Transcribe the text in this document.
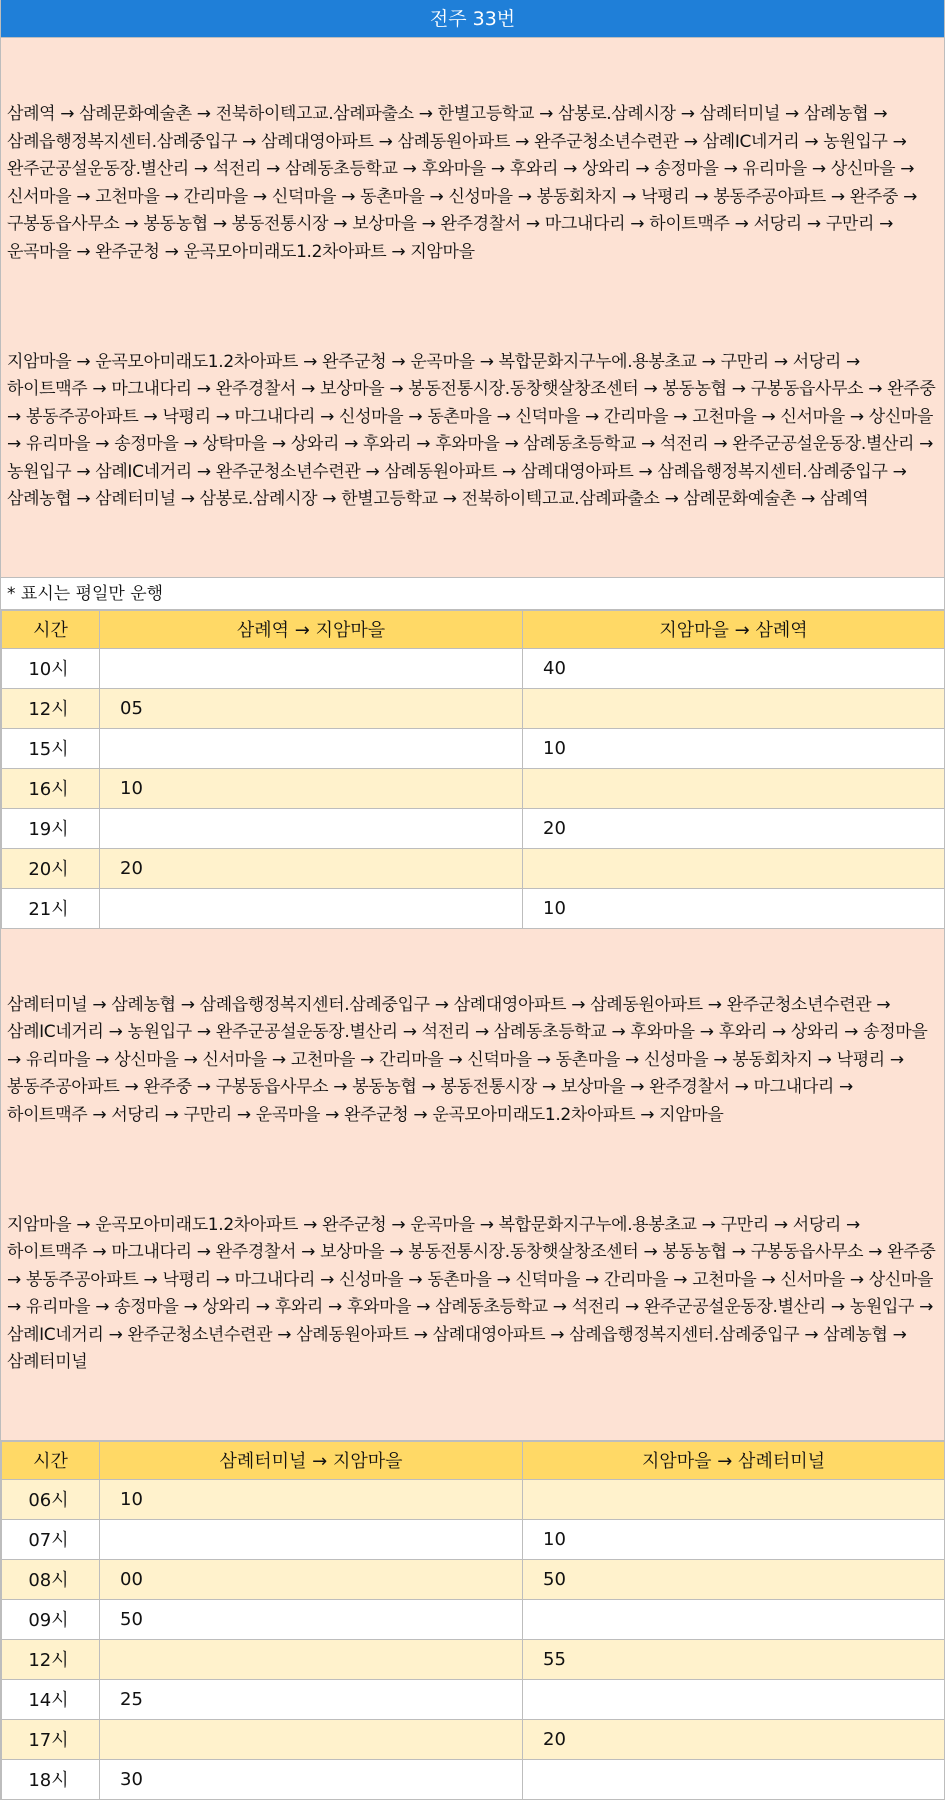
전주 33번

삼례역 → 삼례문화예술촌 → 전북하이텍고교.삼례파출소 → 한별고등학교 → 삼봉로.삼례시장 → 삼례터미널 → 삼례농협 → 삼례읍행정복지센터.삼례중입구 → 삼례대영아파트 → 삼례동원아파트 → 완주군청소년수련관 → 삼례IC네거리 → 농원입구 → 완주군공설운동장.별산리 → 석전리 → 삼례동초등학교 → 후와마을 → 후와리 → 상와리 → 송정마을 → 유리마을 → 상신마을 → 신서마을 → 고천마을 → 간리마을 → 신덕마을 → 동촌마을 → 신성마을 → 봉동회차지 → 낙평리 → 봉동주공아파트 → 완주중 → 구봉동읍사무소 → 봉동농협 → 봉동전통시장 → 보상마을 → 완주경찰서 → 마그내다리 → 하이트맥주 → 서당리 → 구만리 → 운곡마을 → 완주군청 → 운곡모아미래도1.2차아파트 → 지암마을

지암마을 → 운곡모아미래도1.2차아파트 → 완주군청 → 운곡마을 → 복합문화지구누에.용봉초교 → 구만리 → 서당리 → 하이트맥주 → 마그내다리 → 완주경찰서 → 보상마을 → 봉동전통시장.동창햇살창조센터 → 봉동농협 → 구봉동읍사무소 → 완주중 → 봉동주공아파트 → 낙평리 → 마그내다리 → 신성마을 → 동촌마을 → 신덕마을 → 간리마을 → 고천마을 → 신서마을 → 상신마을 → 유리마을 → 송정마을 → 상탁마을 → 상와리 → 후와리 → 후와마을 → 삼례동초등학교 → 석전리 → 완주군공설운동장.별산리 → 농원입구 → 삼례IC네거리 → 완주군청소년수련관 → 삼례동원아파트 → 삼례대영아파트 → 삼례읍행정복지센터.삼례중입구 → 삼례농협 → 삼례터미널 → 삼봉로.삼례시장 → 한별고등학교 → 전북하이텍고교.삼례파출소 → 삼례문화예술촌 → 삼례역

* 표시는 평일만 운행
시간	삼례역 → 지암마을	지암마을 → 삼례역
10시		40
12시	05	
15시		10
16시	10	
19시		20
20시	20	
21시		10

삼례터미널 → 삼례농협 → 삼례읍행정복지센터.삼례중입구 → 삼례대영아파트 → 삼례동원아파트 → 완주군청소년수련관 → 삼례IC네거리 → 농원입구 → 완주군공설운동장.별산리 → 석전리 → 삼례동초등학교 → 후와마을 → 후와리 → 상와리 → 송정마을 → 유리마을 → 상신마을 → 신서마을 → 고천마을 → 간리마을 → 신덕마을 → 동촌마을 → 신성마을 → 봉동회차지 → 낙평리 → 봉동주공아파트 → 완주중 → 구봉동읍사무소 → 봉동농협 → 봉동전통시장 → 보상마을 → 완주경찰서 → 마그내다리 → 하이트맥주 → 서당리 → 구만리 → 운곡마을 → 완주군청 → 운곡모아미래도1.2차아파트 → 지암마을

지암마을 → 운곡모아미래도1.2차아파트 → 완주군청 → 운곡마을 → 복합문화지구누에.용봉초교 → 구만리 → 서당리 → 하이트맥주 → 마그내다리 → 완주경찰서 → 보상마을 → 봉동전통시장.동창햇살창조센터 → 봉동농협 → 구봉동읍사무소 → 완주중 → 봉동주공아파트 → 낙평리 → 마그내다리 → 신성마을 → 동촌마을 → 신덕마을 → 간리마을 → 고천마을 → 신서마을 → 상신마을 → 유리마을 → 송정마을 → 상와리 → 후와리 → 후와마을 → 삼례동초등학교 → 석전리 → 완주군공설운동장.별산리 → 농원입구 → 삼례IC네거리 → 완주군청소년수련관 → 삼례동원아파트 → 삼례대영아파트 → 삼례읍행정복지센터.삼례중입구 → 삼례농협 → 삼례터미널

시간	삼례터미널 → 지암마을	지암마을 → 삼례터미널
06시	10	
07시		10
08시	00	50
09시	50	
12시		55
14시	25	
17시		20
18시	30	
